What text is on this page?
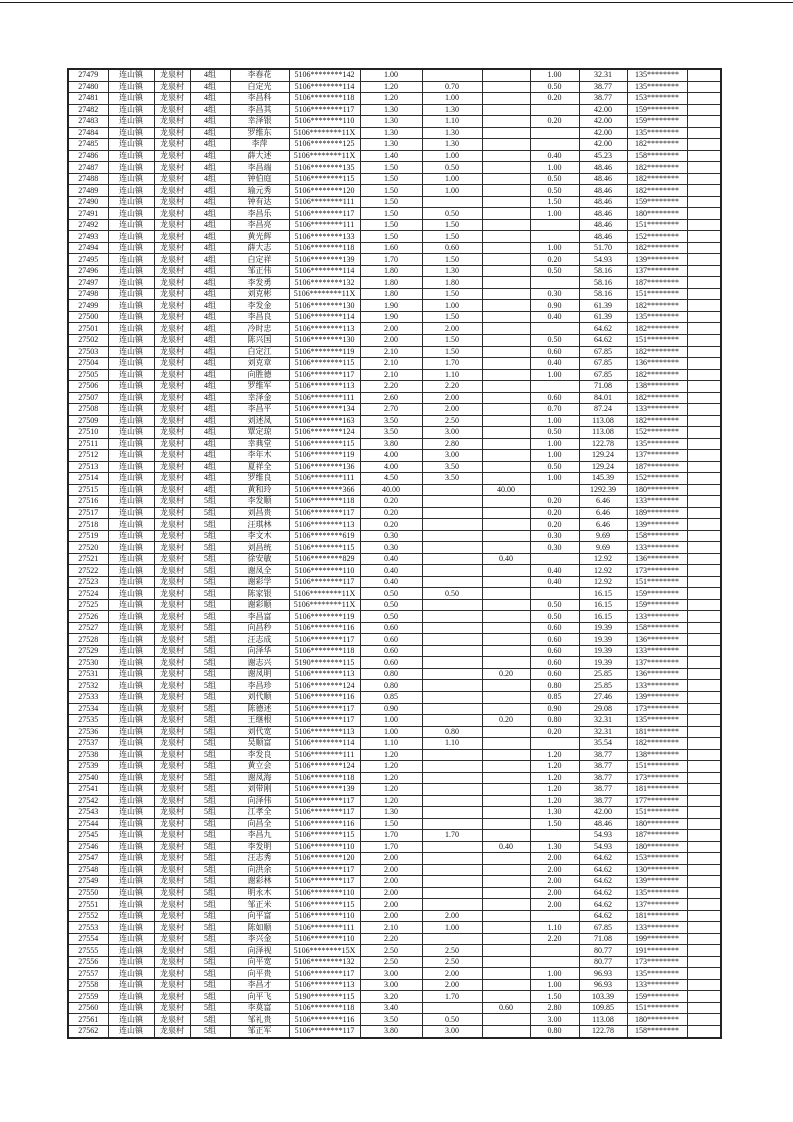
27479	连山镇	龙泉村	4组	李春花	5106********142	1.00			1.00	32.31	135********	
27480	连山镇	龙泉村	4组	白定光	5106********114	1.20	0.70		0.50	38.77	135********	
27481	连山镇	龙泉村	4组	李昌科	5106********118	1.20	1.00		0.20	38.77	153********	
27482	连山镇	龙泉村	4组	李昌其	5106********117	1.30	1.30			42.00	159********	
27483	连山镇	龙泉村	4组	幸泽银	5106********110	1.30	1.10		0.20	42.00	159********	
27484	连山镇	龙泉村	4组	罗维东	5106********11X	1.30	1.30			42.00	135********	
27485	连山镇	龙泉村	4组	李萍	5106********125	1.30	1.30			42.00	182********	
27486	连山镇	龙泉村	4组	薛大述	5106********11X	1.40	1.00		0.40	45.23	158********	
27487	连山镇	龙泉村	4组	李昌端	5106********135	1.50	0.50		1.00	48.46	182********	
27488	连山镇	龙泉村	4组	钟伯庭	5106********115	1.50	1.00		0.50	48.46	182********	
27489	连山镇	龙泉村	4组	瑜元秀	5106********120	1.50	1.00		0.50	48.46	182********	
27490	连山镇	龙泉村	4组	钟有达	5106********111	1.50			1.50	48.46	159********	
27491	连山镇	龙泉村	4组	李昌乐	5106********117	1.50	0.50		1.00	48.46	180********	
27492	连山镇	龙泉村	4组	李昌亮	5106********111	1.50	1.50			48.46	151********	
27493	连山镇	龙泉村	4组	黄光辉	5106********133	1.50	1.50			48.46	152********	
27494	连山镇	龙泉村	4组	薛大志	5106********118	1.60	0.60		1.00	51.70	182********	
27495	连山镇	龙泉村	4组	白定祥	5106********139	1.70	1.50		0.20	54.93	139********	
27496	连山镇	龙泉村	4组	邹正伟	5106********114	1.80	1.30		0.50	58.16	137********	
27497	连山镇	龙泉村	4组	李发勇	5106********132	1.80	1.80			58.16	187********	
27498	连山镇	龙泉村	4组	刘克彬	5106********11X	1.80	1.50		0.30	58.16	151********	
27499	连山镇	龙泉村	4组	李发金	5106********130	1.90	1.00		0.90	61.39	182********	
27500	连山镇	龙泉村	4组	李昌良	5106********114	1.90	1.50		0.40	61.39	135********	
27501	连山镇	龙泉村	4组	冷时忠	5106********113	2.00	2.00			64.62	182********	
27502	连山镇	龙泉村	4组	陈兴国	5106********130	2.00	1.50		0.50	64.62	151********	
27503	连山镇	龙泉村	4组	白定江	5106********119	2.10	1.50		0.60	67.85	182********	
27504	连山镇	龙泉村	4组	刘克章	5106********115	2.10	1.70		0.40	67.85	136********	
27505	连山镇	龙泉村	4组	向胜德	5106********117	2.10	1.10		1.00	67.85	182********	
27506	连山镇	龙泉村	4组	罗维军	5106********113	2.20	2.20			71.08	138********	
27507	连山镇	龙泉村	4组	幸泽金	5106********111	2.60	2.00		0.60	84.01	182********	
27508	连山镇	龙泉村	4组	李昌平	5106********134	2.70	2.00		0.70	87.24	133********	
27509	连山镇	龙泉村	4组	刘述凤	5106********163	3.50	2.50		1.00	113.08	182********	
27510	连山镇	龙泉村	4组	覃定琼	5106********124	3.50	3.00		0.50	113.08	152********	
27511	连山镇	龙泉村	4组	幸典堂	5106********115	3.80	2.80		1.00	122.78	135********	
27512	连山镇	龙泉村	4组	李年木	5106********119	4.00	3.00		1.00	129.24	137********	
27513	连山镇	龙泉村	4组	夏祥全	5106********136	4.00	3.50		0.50	129.24	187********	
27514	连山镇	龙泉村	4组	罗维良	5106********111	4.50	3.50		1.00	145.39	152********	
27515	连山镇	龙泉村	4组	黄和玲	5106********366	40.00		40.00		1292.39	180********	
27516	连山镇	龙泉村	5组	李发顺	5106********118	0.20			0.20	6.46	133********	
27517	连山镇	龙泉村	5组	刘昌贵	5106********117	0.20			0.20	6.46	189********	
27518	连山镇	龙泉村	5组	汪琪林	5106********113	0.20			0.20	6.46	139********	
27519	连山镇	龙泉村	5组	李文木	5106********619	0.30			0.30	9.69	158********	
27520	连山镇	龙泉村	5组	刘昌统	5106********115	0.30			0.30	9.69	133********	
27521	连山镇	龙泉村	5组	徐安敏	5106********829	0.40		0.40		12.92	136********	
27522	连山镇	龙泉村	5组	谢凤全	5106********110	0.40			0.40	12.92	173********	
27523	连山镇	龙泉村	5组	谢彩学	5106********117	0.40			0.40	12.92	151********	
27524	连山镇	龙泉村	5组	陈家银	5106********11X	0.50	0.50			16.15	159********	
27525	连山镇	龙泉村	5组	谢彩顺	5106********11X	0.50			0.50	16.15	159********	
27526	连山镇	龙泉村	5组	李昌富	5106********119	0.50			0.50	16.15	133********	
27527	连山镇	龙泉村	5组	向昌秒	5106********116	0.60			0.60	19.39	158********	
27528	连山镇	龙泉村	5组	汪志成	5106********117	0.60			0.60	19.39	136********	
27529	连山镇	龙泉村	5组	向泽华	5106********118	0.60			0.60	19.39	133********	
27530	连山镇	龙泉村	5组	谢志兴	5190********115	0.60			0.60	19.39	137********	
27531	连山镇	龙泉村	5组	谢凤明	5106********113	0.80		0.20	0.60	25.85	136********	
27532	连山镇	龙泉村	5组	李昌珍	5106********124	0.80			0.80	25.85	133********	
27533	连山镇	龙泉村	5组	刘代顺	5106********116	0.85			0.85	27.46	139********	
27534	连山镇	龙泉村	5组	陈德述	5106********117	0.90			0.90	29.08	173********	
27535	连山镇	龙泉村	5组	王继根	5106********117	1.00		0.20	0.80	32.31	135********	
27536	连山镇	龙泉村	5组	刘代宽	5106********113	1.00	0.80		0.20	32.31	181********	
27537	连山镇	龙泉村	5组	吴顺富	5106********114	1.10	1.10			35.54	182********	
27538	连山镇	龙泉村	5组	李发良	5106********111	1.20			1.20	38.77	138********	
27539	连山镇	龙泉村	5组	黄立会	5106********124	1.20			1.20	38.77	151********	
27540	连山镇	龙泉村	5组	谢凤海	5106********118	1.20			1.20	38.77	173********	
27541	连山镇	龙泉村	5组	刘带刚	5106********139	1.20			1.20	38.77	181********	
27542	连山镇	龙泉村	5组	向泽伟	5106********117	1.20			1.20	38.77	177********	
27543	连山镇	龙泉村	5组	江孝全	5106********117	1.30			1.30	42.00	151********	
27544	连山镇	龙泉村	5组	向昌全	5106********116	1.50			1.50	48.46	180********	
27545	连山镇	龙泉村	5组	李昌九	5106********115	1.70	1.70			54.93	187********	
27546	连山镇	龙泉村	5组	李发明	5106********110	1.70		0.40	1.30	54.93	180********	
27547	连山镇	龙泉村	5组	汪志秀	5106********120	2.00			2.00	64.62	153********	
27548	连山镇	龙泉村	5组	向洪余	5106********117	2.00			2.00	64.62	130********	
27549	连山镇	龙泉村	5组	谢彩林	5106********117	2.00			2.00	64.62	139********	
27550	连山镇	龙泉村	5组	明永木	5106********110	2.00			2.00	64.62	135********	
27551	连山镇	龙泉村	5组	邹正米	5106********115	2.00			2.00	64.62	137********	
27552	连山镇	龙泉村	5组	向平富	5106********110	2.00	2.00			64.62	181********	
27553	连山镇	龙泉村	5组	陈如顺	5106********111	2.10	1.00		1.10	67.85	133********	
27554	连山镇	龙泉村	5组	李兴金	5106********110	2.20			2.20	71.08	199********	
27555	连山镇	龙泉村	5组	向泽视	5106********15X	2.50	2.50			80.77	191********	
27556	连山镇	龙泉村	5组	向平宽	5106********132	2.50	2.50			80.77	173********	
27557	连山镇	龙泉村	5组	向平贵	5106********117	3.00	2.00		1.00	96.93	135********	
27558	连山镇	龙泉村	5组	李昌才	5106********113	3.00	2.00		1.00	96.93	133********	
27559	连山镇	龙泉村	5组	向平飞	5190********115	3.20	1.70		1.50	103.39	159********	
27560	连山镇	龙泉村	5组	李莫富	5106********118	3.40		0.60	2.80	109.85	151********	
27561	连山镇	龙泉村	5组	邹礼贵	5106********116	3.50	0.50		3.00	113.08	180********	
27562	连山镇	龙泉村	5组	邹正军	5106********117	3.80	3.00		0.80	122.78	158********	
